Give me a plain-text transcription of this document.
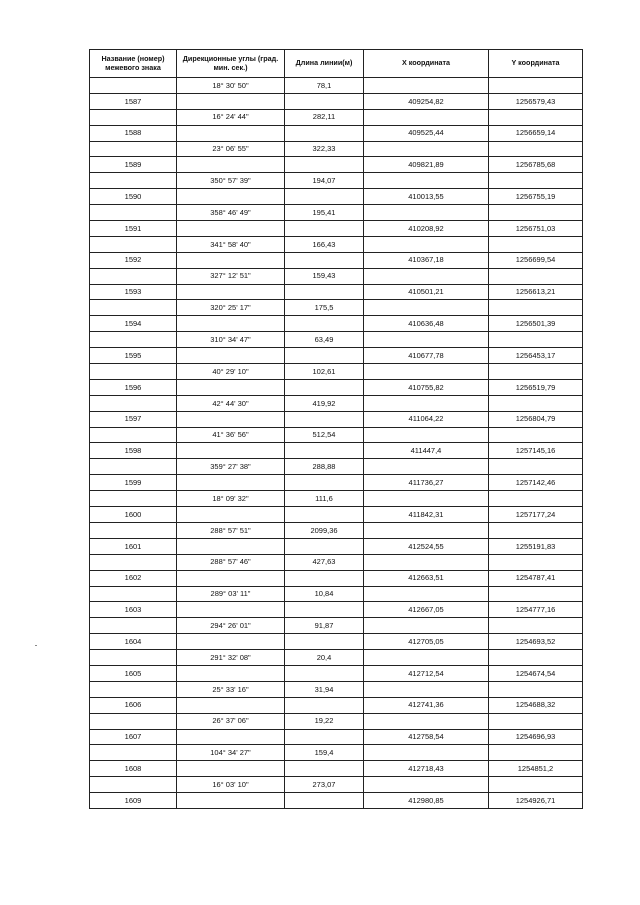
Название (номер) межевого знака	Дирекционные углы (град. мин. сек.)	Длина линии(м)	X координата	Y координата
	18° 30' 50"	78,1		
1587			409254,82	1256579,43
	16° 24' 44"	282,11		
1588			409525,44	1256659,14
	23° 06' 55"	322,33		
1589			409821,89	1256785,68
	350° 57' 39"	194,07		
1590			410013,55	1256755,19
	358° 46' 49"	195,41		
1591			410208,92	1256751,03
	341° 58' 40"	166,43		
1592			410367,18	1256699,54
	327° 12' 51"	159,43		
1593			410501,21	1256613,21
	320° 25' 17"	175,5		
1594			410636,48	1256501,39
	310° 34' 47"	63,49		
1595			410677,78	1256453,17
	40° 29' 10"	102,61		
1596			410755,82	1256519,79
	42° 44' 30"	419,92		
1597			411064,22	1256804,79
	41° 36' 56"	512,54		
1598			411447,4	1257145,16
	359° 27' 38"	288,88		
1599			411736,27	1257142,46
	18° 09' 32"	111,6		
1600			411842,31	1257177,24
	288° 57' 51"	2099,36		
1601			412524,55	1255191,83
	288° 57' 46"	427,63		
1602			412663,51	1254787,41
	289° 03' 11"	10,84		
1603			412667,05	1254777,16
	294° 26' 01"	91,87		
1604			412705,05	1254693,52
	291° 32' 08"	20,4		
1605			412712,54	1254674,54
	25° 33' 16"	31,94		
1606			412741,36	1254688,32
	26° 37' 06"	19,22		
1607			412758,54	1254696,93
	104° 34' 27"	159,4		
1608			412718,43	1254851,2
	16° 03' 10"	273,07		
1609			412980,85	1254926,71
